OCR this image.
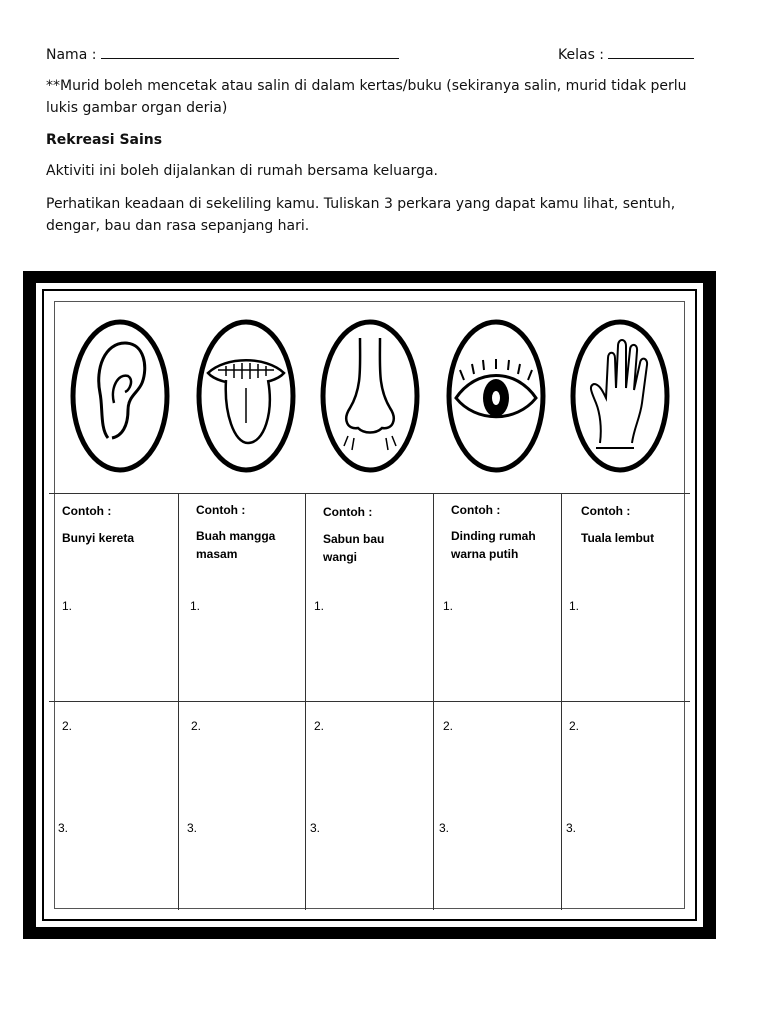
Nama :	Kelas :
**Murid boleh mencetak atau salin di dalam kertas/buku (sekiranya salin, murid tidak perlu
lukis gambar organ deria)
Rekreasi Sains
Aktiviti ini boleh dijalankan di rumah bersama keluarga.
Perhatikan keadaan di sekeliling kamu. Tuliskan 3 perkara yang dapat kamu lihat, sentuh,
dengar, bau dan rasa sepanjang hari.
Contoh :
Bunyi kereta
1.
2.
3.
Contoh :
Buah mangga
masam
1.
2.
3.
Contoh :
Sabun bau
wangi
1.
2.
3.
Contoh :
Dinding rumah
warna putih
1.
2.
3.
Contoh :
Tuala lembut
1.
2.
3.
